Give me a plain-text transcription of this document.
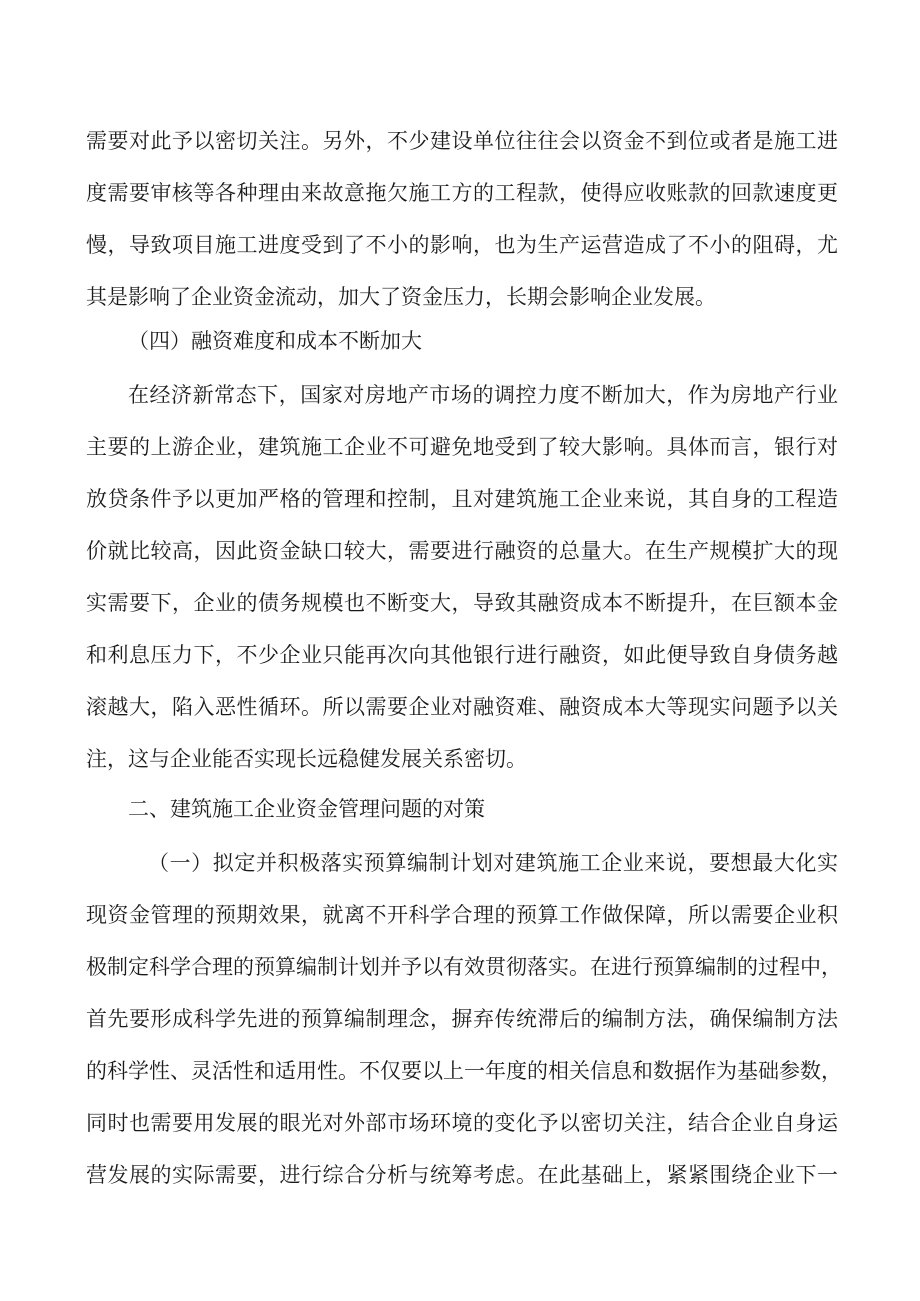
需要对此予以密切关注。另外，不少建设单位往往会以资金不到位或者是施工进
度需要审核等各种理由来故意拖欠施工方的工程款，使得应收账款的回款速度更
慢，导致项目施工进度受到了不小的影响，也为生产运营造成了不小的阻碍，尤
其是影响了企业资金流动，加大了资金压力，长期会影响企业发展。
（四）融资难度和成本不断加大
在经济新常态下，国家对房地产市场的调控力度不断加大，作为房地产行业
主要的上游企业，建筑施工企业不可避免地受到了较大影响。具体而言，银行对
放贷条件予以更加严格的管理和控制，且对建筑施工企业来说，其自身的工程造
价就比较高，因此资金缺口较大，需要进行融资的总量大。在生产规模扩大的现
实需要下，企业的债务规模也不断变大，导致其融资成本不断提升，在巨额本金
和利息压力下，不少企业只能再次向其他银行进行融资，如此便导致自身债务越
滚越大，陷入恶性循环。所以需要企业对融资难、融资成本大等现实问题予以关
注，这与企业能否实现长远稳健发展关系密切。
二、建筑施工企业资金管理问题的对策
（一）拟定并积极落实预算编制计划对建筑施工企业来说，要想最大化实
现资金管理的预期效果，就离不开科学合理的预算工作做保障，所以需要企业积
极制定科学合理的预算编制计划并予以有效贯彻落实。在进行预算编制的过程中，
首先要形成科学先进的预算编制理念，摒弃传统滞后的编制方法，确保编制方法
的科学性、灵活性和适用性。不仅要以上一年度的相关信息和数据作为基础参数，
同时也需要用发展的眼光对外部市场环境的变化予以密切关注，结合企业自身运
营发展的实际需要，进行综合分析与统筹考虑。在此基础上，紧紧围绕企业下一
